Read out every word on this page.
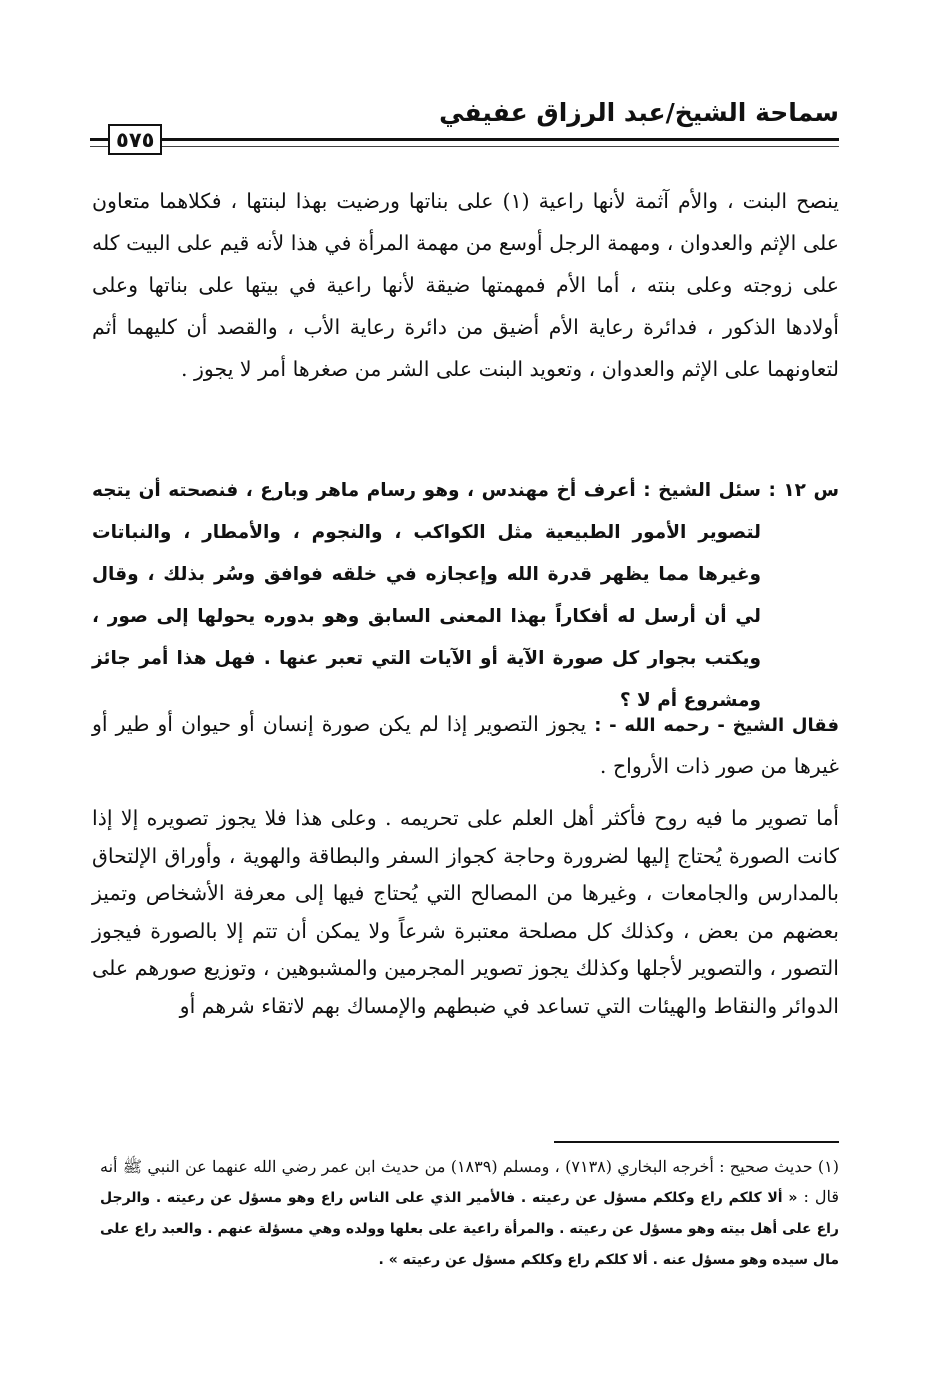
سماحة الشيخ/عبد الرزاق عفيفي
٥٧٥

ينصح البنت ، والأم آثمة لأنها راعية (١) على بناتها ورضيت بهذا لبنتها ، فكلاهما متعاون على الإثم والعدوان ، ومهمة الرجل أوسع من مهمة المرأة في هذا لأنه قيم على البيت كله على زوجته وعلى بنته ، أما الأم فمهمتها ضيقة لأنها راعية في بيتها على بناتها وعلى أولادها الذكور ، فدائرة رعاية الأم أضيق من دائرة رعاية الأب ، والقصد أن كليهما أثم لتعاونهما على الإثم والعدوان ، وتعويد البنت على الشر من صغرها أمر لا يجوز .

س ١٢ : سئل الشيخ : أعرف أخ مهندس ، وهو رسام ماهر وبارع ، فنصحته أن يتجه
لتصوير الأمور الطبيعية مثل الكواكب ، والنجوم ، والأمطار ، والنباتات وغيرها مما يظهر قدرة الله وإعجازه في خلقه فوافق وسُر بذلك ، وقال لي أن أرسل له أفكاراً بهذا المعنى السابق وهو بدوره يحولها إلى صور ، ويكتب بجوار كل صورة الآية أو الآيات التي تعبر عنها . فهل هذا أمر جائز ومشروع أم لا ؟

فقال الشيخ - رحمه الله - : يجوز التصوير إذا لم يكن صورة إنسان أو حيوان أو طير أو غيرها من صور ذات الأرواح .

أما تصوير ما فيه روح فأكثر أهل العلم على تحريمه . وعلى هذا فلا يجوز تصويره إلا إذا كانت الصورة يُحتاج إليها لضرورة وحاجة كجواز السفر والبطاقة والهوية ، وأوراق الإلتحاق بالمدارس والجامعات ، وغيرها من المصالح التي يُحتاج فيها إلى معرفة الأشخاص وتميز بعضهم من بعض ، وكذلك كل مصلحة معتبرة شرعاً ولا يمكن أن تتم إلا بالصورة فيجوز التصور ، والتصوير لأجلها وكذلك يجوز تصوير المجرمين والمشبوهين ، وتوزيع صورهم على الدوائر والنقاط والهيئات التي تساعد في ضبطهم والإمساك بهم لاتقاء شرهم أو

(١) حديث صحيح : أخرجه البخاري (٧١٣٨) ، ومسلم (١٨٣٩) من حديث ابن عمر رضي الله عنهما عن النبي ﷺ أنه قال : « ألا كلكم راع وكلكم مسؤل عن رعيته . فالأمير الذي على الناس راع وهو مسؤل عن رعيته . والرجل راع على أهل بيته وهو مسؤل عن رعيته . والمرأة راعية على بعلها وولده وهي مسؤلة عنهم . والعبد راع على مال سيده وهو مسؤل عنه . ألا كلكم راع وكلكم مسؤل عن رعيته » .
